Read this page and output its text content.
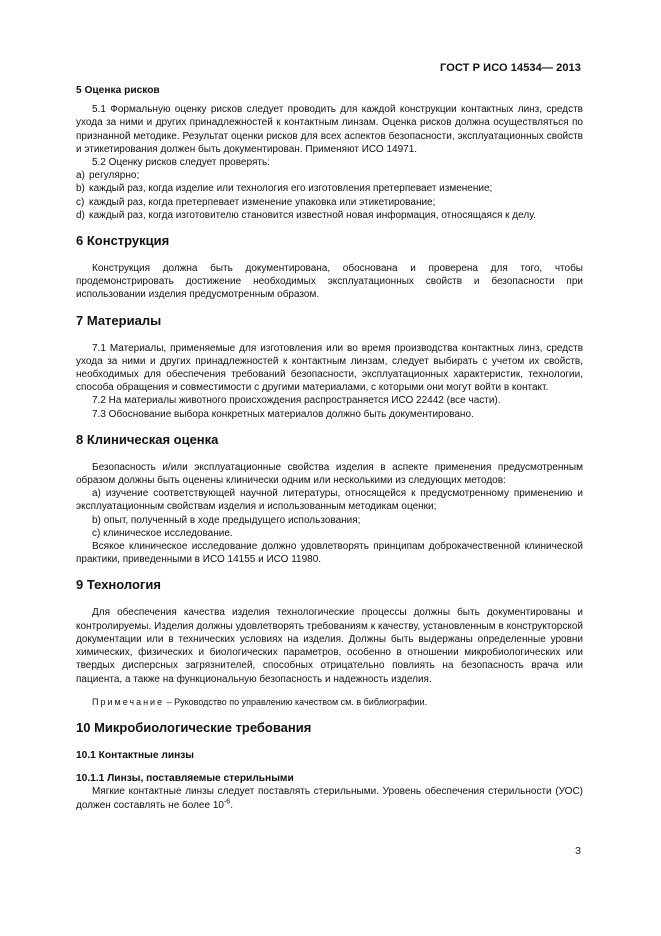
ГОСТ Р ИСО 14534— 2013
5 Оценка рисков

5.1 Формальную оценку рисков следует проводить для каждой конструкции контактных линз, средств ухода за ними и других принадлежностей к контактным линзам. Оценка рисков должна осуществляться по признанной методике. Результат оценки рисков для всех аспектов безопасности, эксплуатационных свойств и этикетирования должен быть документирован. Применяют ИСО 14971.

5.2 Оценку рисков следует проверять:

а) регулярно;
b) каждый раз, когда изделие или технология его изготовления претерпевает изменение;
c) каждый раз, когда претерпевает изменение упаковка или этикетирование;
d) каждый раз, когда изготовителю становится известной новая информация, относящаяся к делу.
6 Конструкция

Конструкция должна быть документирована, обоснована и проверена для того, чтобы продемонстрировать достижение необходимых эксплуатационных свойств и безопасности при использовании изделия предусмотренным образом.

7 Материалы

7.1 Материалы, применяемые для изготовления или во время производства контактных линз, средств ухода за ними и других принадлежностей к контактным линзам, следует выбирать с учетом их свойств, необходимых для обеспечения требований безопасности, эксплуатационных характеристик, технологии, способа обращения и совместимости с другими материалами, с которыми они могут войти в контакт.

7.2 На материалы животного происхождения распространяется ИСО 22442 (все части).

7.3 Обоснование выбора конкретных материалов должно быть документировано.

8 Клиническая оценка

Безопасность и/или эксплуатационные свойства изделия в аспекте применения предусмотренным образом должны быть оценены клинически одним или несколькими из следующих методов:

а) изучение соответствующей научной литературы, относящейся к предусмотренному применению и эксплуатационным свойствам изделия и использованным методикам оценки;

b) опыт, полученный в ходе предыдущего использования;

c) клиническое исследование.

Всякое клиническое исследование должно удовлетворять принципам доброкачественной клинической практики, приведенными в ИСО 14155 и ИСО 11980.

9 Технология

Для обеспечения качества изделия технологические процессы должны быть документированы и контролируемы. Изделия должны удовлетворять требованиям к качеству, установленным в конструкторской документации или в технических условиях на изделия. Должны быть выдержаны определенные уровни химических, физических и биологических параметров, особенно в отношении микробиологических или твердых дисперсных загрязнителей, способных отрицательно повлиять на безопасность врача или пациента, а также на функциональную безопасность и надежность изделия.

Примечание – Руководство по управлению качеством см. в библиографии.

10 Микробиологические требования
10.1 Контактные линзы
10.1.1 Линзы, поставляемые стерильными

Мягкие контактные линзы следует поставлять стерильными. Уровень обеспечения стерильности (УОС) должен составлять не более $10^{-6}$.

3
